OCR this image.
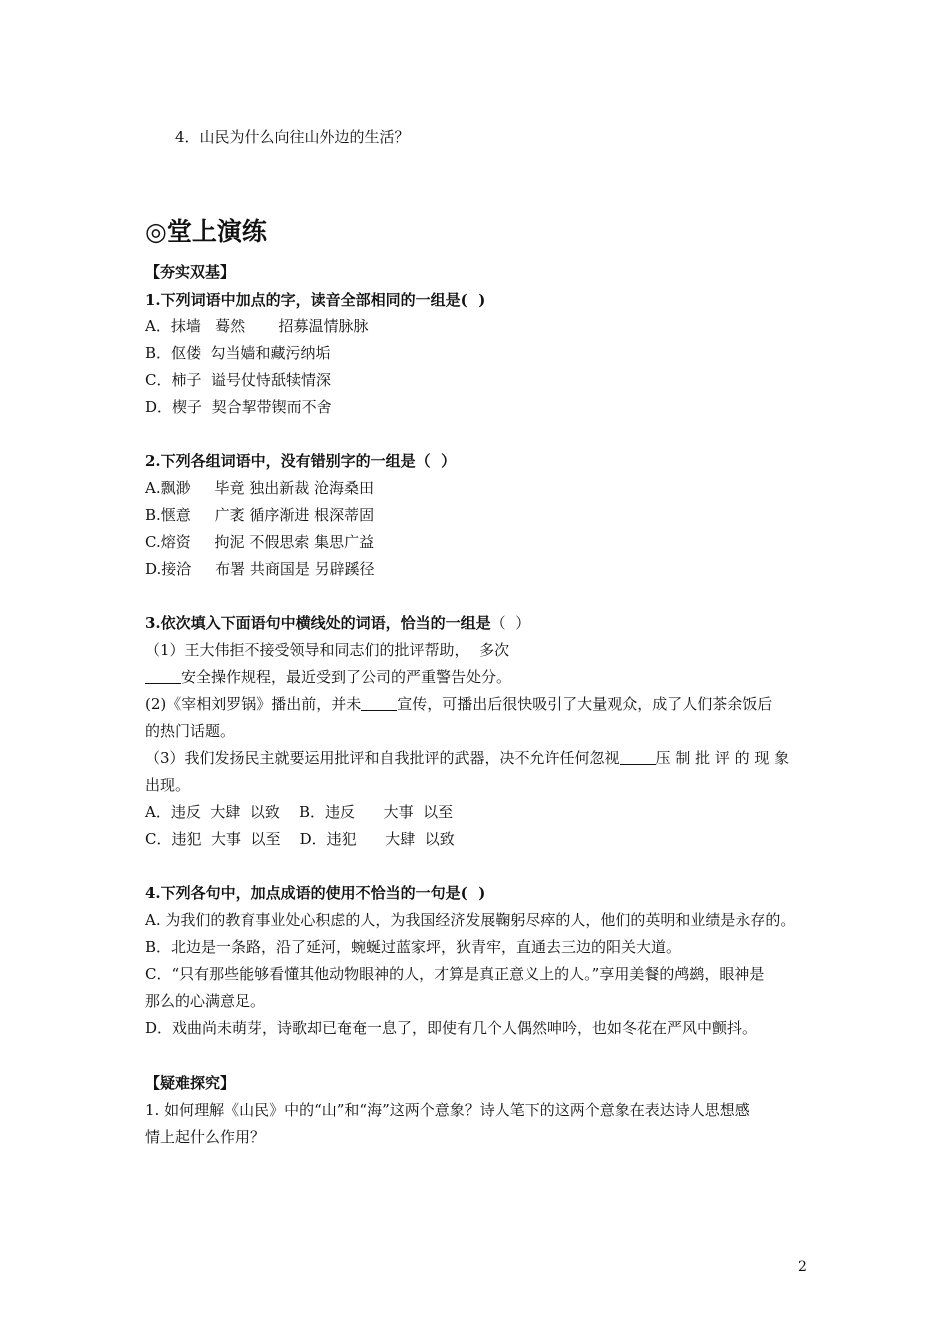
4．山民为什么向往山外边的生活？
◎堂上演练
【夯实双基】
1.下列词语中加点的字，读音全部相同的一组是(  )
A．抹墙   蓦然       招募温情脉脉
B．伛偻  勾当嫱和藏污纳垢
C．柿子  谥号仗恃舐犊情深
D．楔子  契合挈带锲而不舍
2.下列各组词语中，没有错别字的一组是（  ）
A.飘渺     毕竟 独出新裁 沧海桑田
B.惬意     广袤 循序渐进 根深蒂固
C.熔资     拘泥 不假思索 集思广益
D.接洽     布署 共商国是 另辟蹊径
3.依次填入下面语句中横线处的词语，恰当的一组是（  ）
（1）王大伟拒不接受领导和同志们的批评帮助，  多次
安全操作规程，最近受到了公司的严重警告处分。
(2)《宰相刘罗锅》播出前，并未 宣传，可播出后很快吸引了大量观众，成了人们茶余饭后
的热门话题。
（3）我们发扬民主就要运用批评和自我批评的武器，决不允许任何忽视 压 制 批 评 的 现 象
出现。
A．违反  大肆  以致    B．违反      大事  以至
C．违犯  大事  以至    D．违犯      大肆  以致
4.下列各句中，加点成语的使用不恰当的一句是(  )
A. 为我们的教育事业处心积虑的人，为我国经济发展鞠躬尽瘁的人，他们的英明和业绩是永存的。
B．北边是一条路，沿了延河，蜿蜒过蓝家坪，狄青牢，直通去三边的阳关大道。
C．“只有那些能够看懂其他动物眼神的人，才算是真正意义上的人。”享用美餐的鸬鹚，眼神是
那么的心满意足。
D．戏曲尚未萌芽，诗歌却已奄奄一息了，即使有几个人偶然呻吟，也如冬花在严风中颤抖。
【疑难探究】
1. 如何理解《山民》中的“山”和“海”这两个意象？诗人笔下的这两个意象在表达诗人思想感
情上起什么作用？
2
